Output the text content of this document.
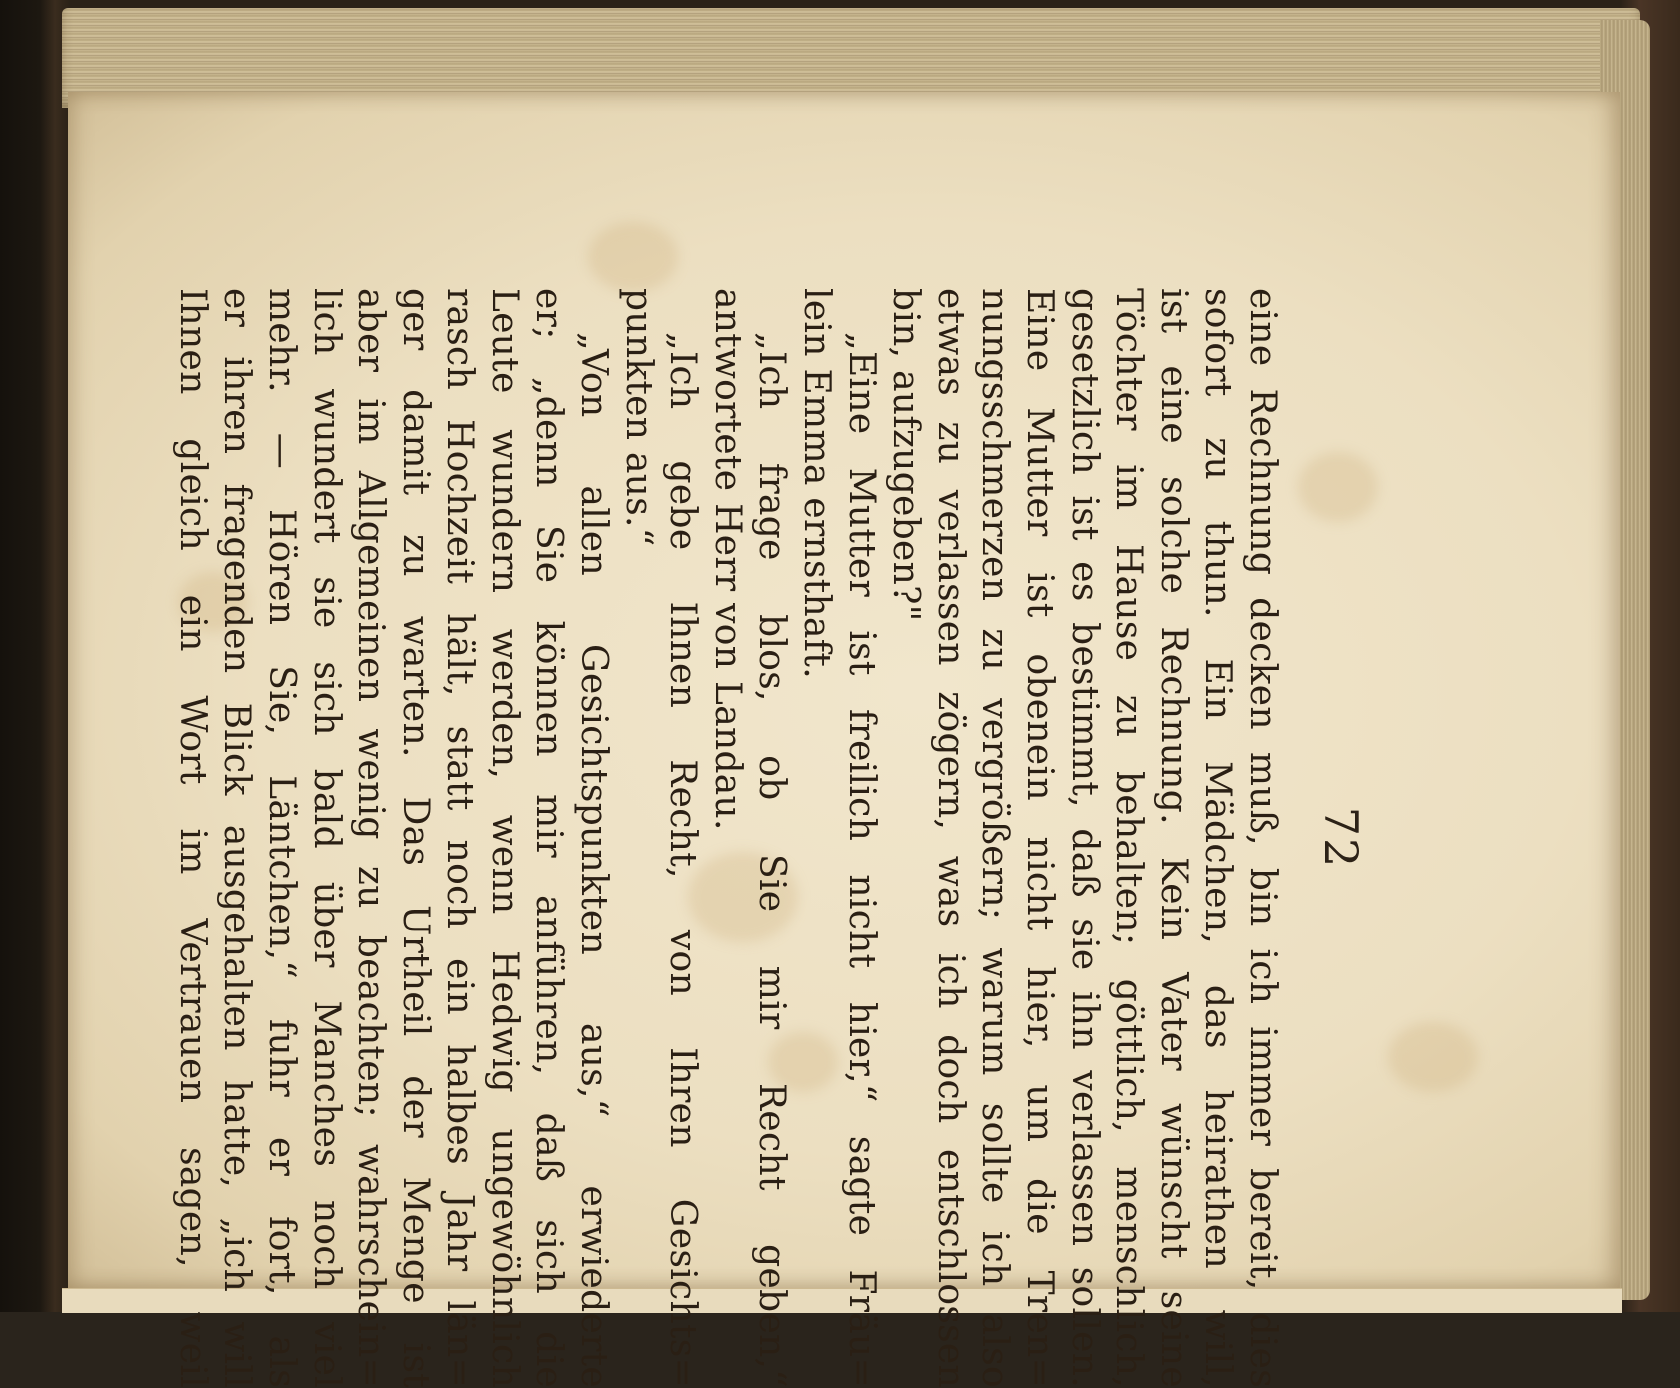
72
eine Rechnung decken muß, bin ich immer bereit, dies
sofort zu thun. Ein Mädchen, das heirathen will,
ist eine solche Rechnung. Kein Vater wünscht seine
Töchter im Hause zu behalten; göttlich, menschlich,
gesetzlich ist es bestimmt, daß sie ihn verlassen sollen.
Eine Mutter ist obenein nicht hier, um die Tren=
nungsschmerzen zu vergrößern; warum sollte ich also
etwas zu verlassen zögern, was ich doch entschlossen
bin, aufzugeben?"
„Eine Mutter ist freilich nicht hier,“ sagte Fräu=
lein Emma ernsthaft.
„Ich frage blos, ob Sie mir Recht geben,“
antwortete Herr von Landau.
„Ich gebe Ihnen Recht, von Ihren Gesichts=
punkten aus.“
„Von allen Gesichtspunkten aus,“ erwiederte
er; „denn Sie können mir anführen, daß sich die
Leute wundern werden, wenn Hedwig ungewöhnlich
rasch Hochzeit hält, statt noch ein halbes Jahr län=
ger damit zu warten. Das Urtheil der Menge ist
aber im Allgemeinen wenig zu beachten; wahrschein=
lich wundert sie sich bald über Manches noch viel
mehr. — Hören Sie, Läntchen,“ fuhr er fort, als
er ihren fragenden Blick ausgehalten hatte, „ich will
Ihnen gleich ein Wort im Vertrauen sagen, weil
